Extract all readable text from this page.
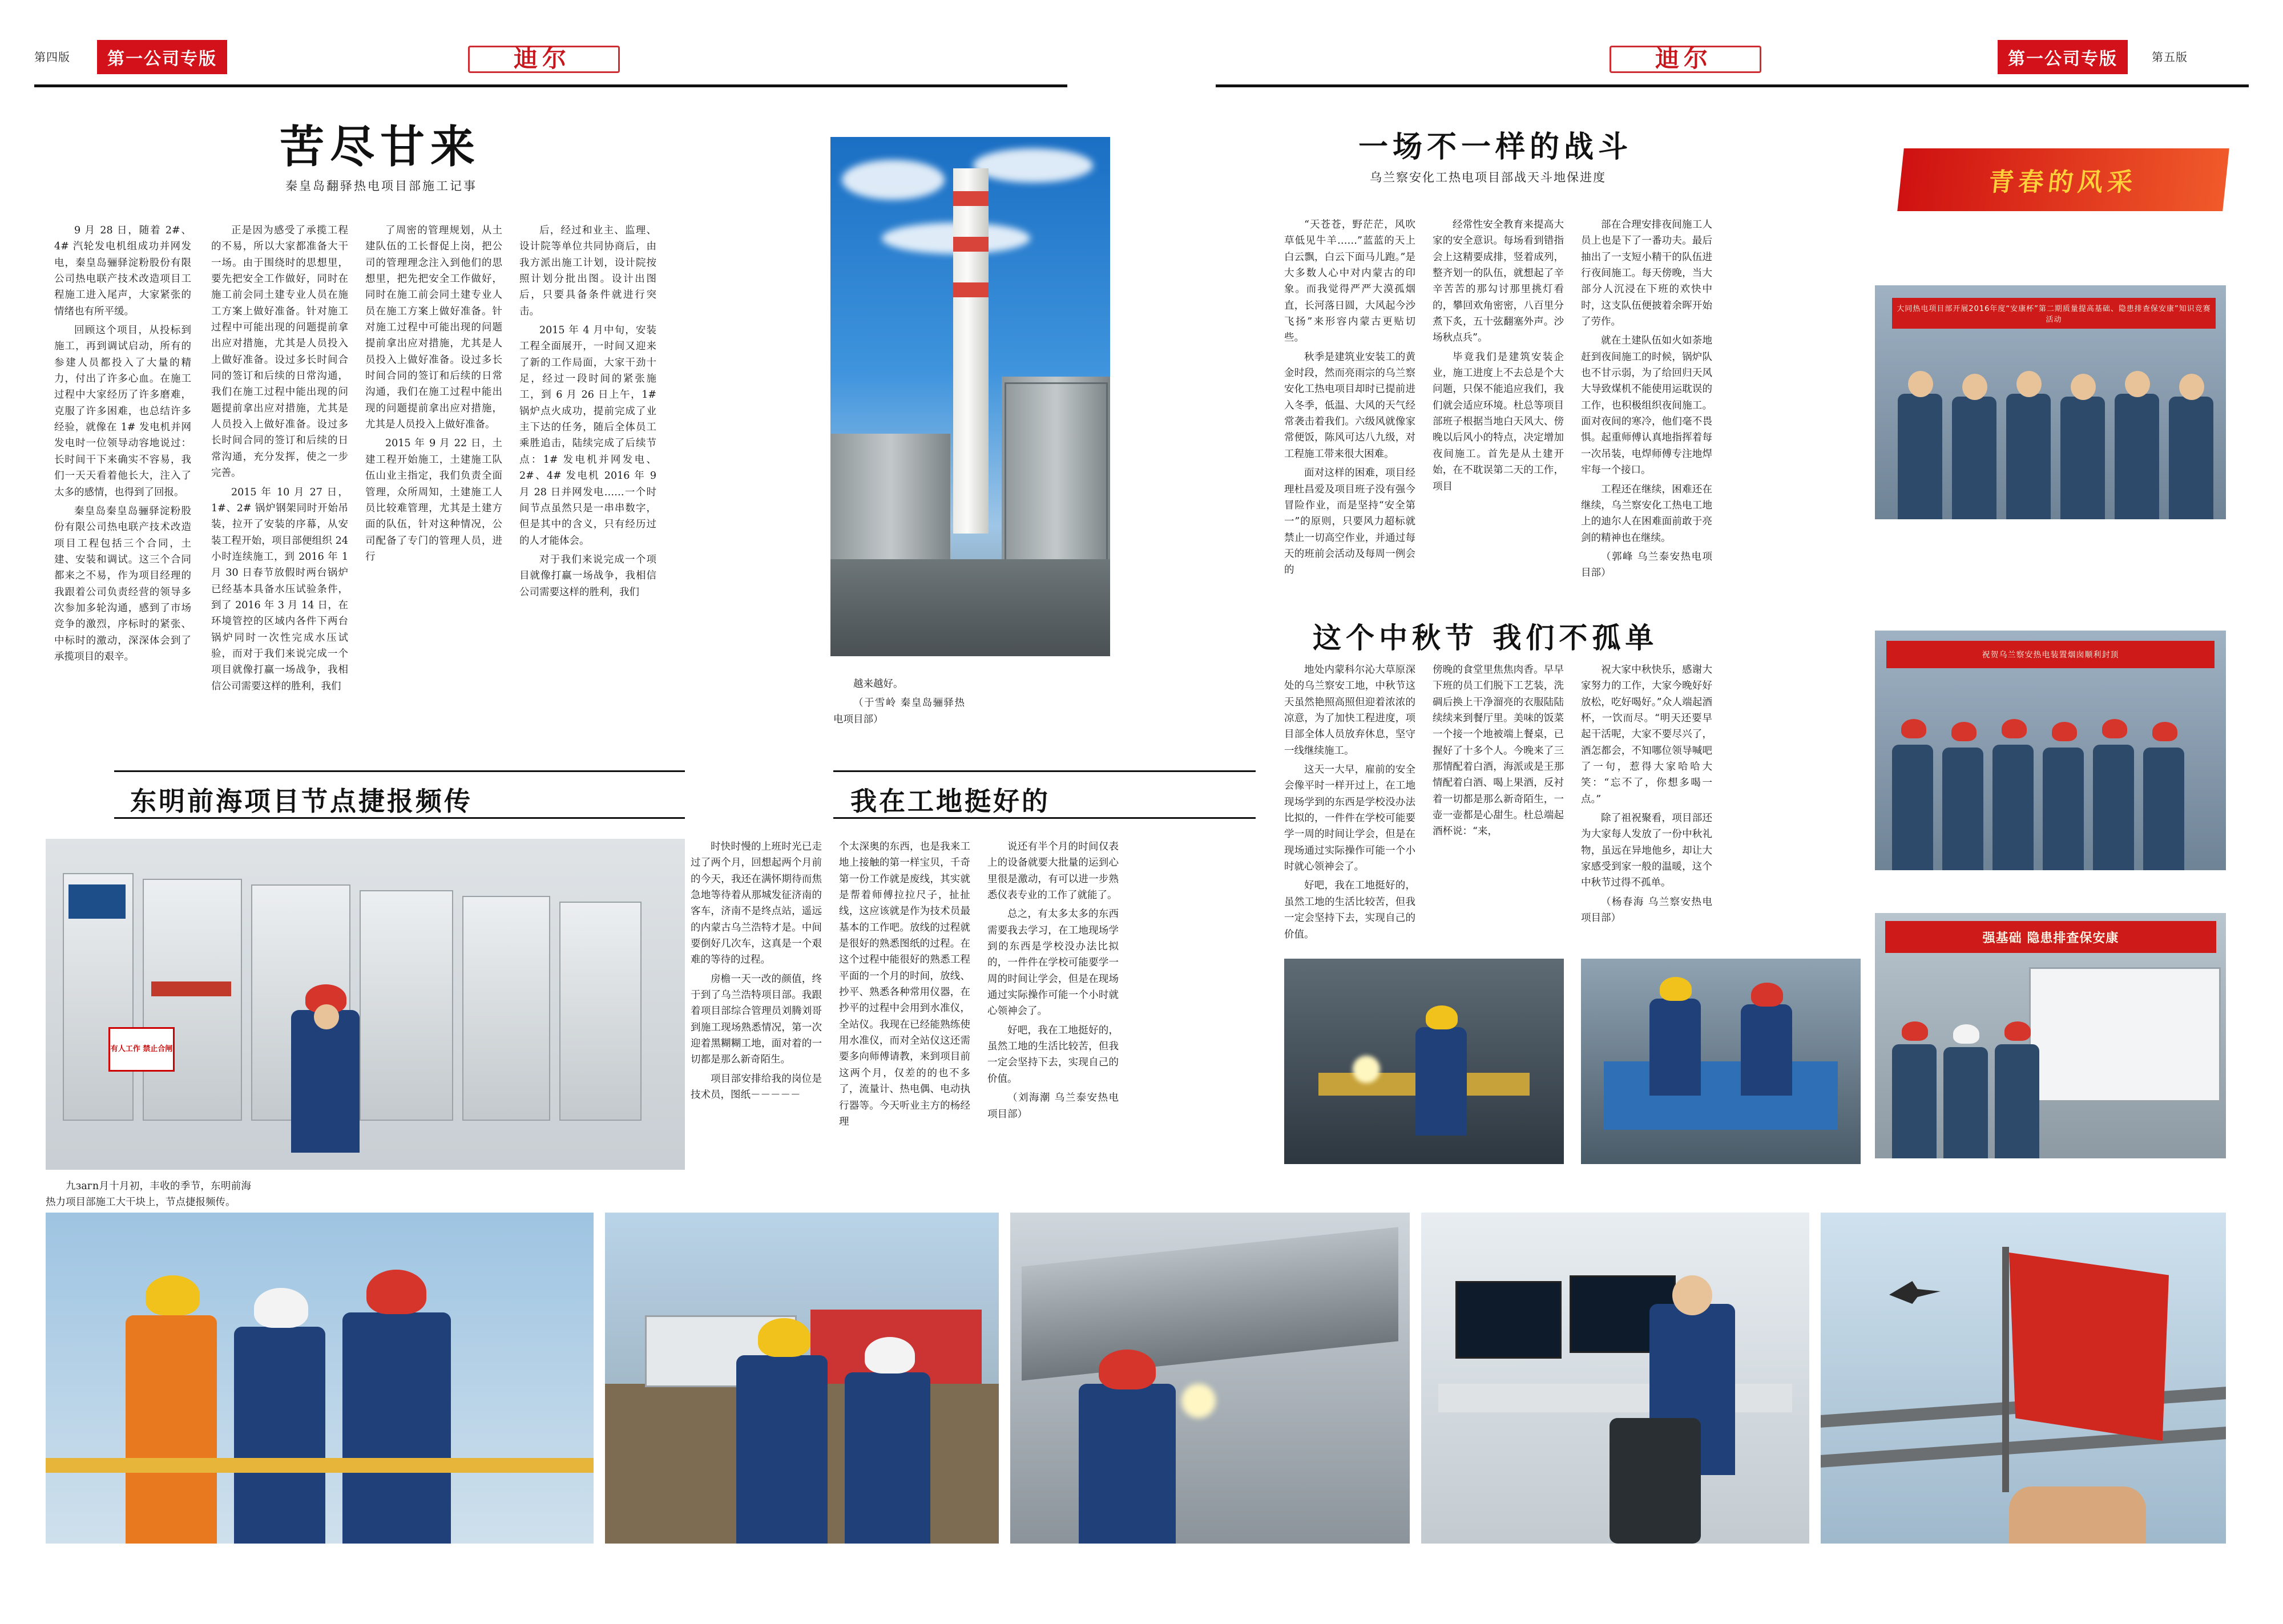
第四版	第一公司专版	迪尔	迪尔	第一公司专版	第五版
苦尽甘来
秦皇岛翻驿热电项目部施工记事

9 月 28 日，随着 2#、4# 汽轮发电机组成功并网发电，秦皇岛骊驿淀粉股份有限公司热电联产技术改造项目工程施工进入尾声，大家紧张的情绪也有所平缓。

回顾这个项目，从投标到施工，再到调试启动，所有的参建人员都投入了大量的精力，付出了许多心血。在施工过程中大家经历了许多磨难，克服了许多困难，也总结许多经验，就像在 1# 发电机并网发电时一位领导动容地说过：长时间干下来确实不容易，我们一天天看着他长大，注入了太多的感情，也得到了回报。

秦皇岛秦皇岛骊驿淀粉股份有限公司热电联产技术改造项目工程包括三个合同，土建、安装和调试。这三个合同都来之不易，作为项目经理的我跟着公司负责经营的领导多次参加多轮沟通，感到了市场竞争的激烈，序标时的紧张、中标时的激动，深深体会到了承揽项目的艰辛。

正是因为感受了承揽工程的不易，所以大家都准备大干一场。由于围绕时的思想里，要先把安全工作做好，同时在施工前会同土建专业人员在施工方案上做好准备。针对施工过程中可能出现的问题提前拿出应对措施，尤其是人员投入上做好准备。设过多长时间合同的签订和后续的日常沟通，我们在施工过程中能出现的问题提前拿出应对措施，尤其是人员投入上做好准备。设过多长时间合同的签订和后续的日常沟通，充分发挥，使之一步完善。

2015 年 10 月 27 日，1#、2# 锅炉钢架同时开始吊装，拉开了安装的序幕，从安装工程开始，项目部便组织 24 小时连续施工，到 2016 年 1 月 30 日春节放假时两台锅炉已经基本具备水压试验条件，到了 2016 年 3 月 14 日，在环境管控的区域内各件下两台锅炉同时一次性完成水压试验，而对于我们来说完成一个项目就像打赢一场战争，我相信公司需要这样的胜利，我们

了周密的管理规划，从土建队伍的工长督促上岗，把公司的管理理念注入到他们的思想里，把先把安全工作做好，同时在施工前会同土建专业人员在施工方案上做好准备。针对施工过程中可能出现的问题提前拿出应对措施，尤其是人员投入上做好准备。设过多长时间合同的签订和后续的日常沟通，我们在施工过程中能出现的问题提前拿出应对措施，尤其是人员投入上做好准备。

2015 年 9 月 22 日，土建工程开始施工，土建施工队伍山业主指定，我们负责全面管理，众所周知，土建施工人员比较难管理，尤其是土建方面的队伍，针对这种情况，公司配备了专门的管理人员，进行

后，经过和业主、监理、设计院等单位共同协商后，由我方派出施工计划，设计院按照计划分批出图。设计出图后，只要具备条件就进行突击。

2015 年 4 月中旬，安装工程全面展开，一时间又迎来了新的工作局面，大家干劲十足，经过一段时间的紧张施工，到 6 月 26 日上午，1# 锅炉点火成功，提前完成了业主下达的任务，随后全体员工乘胜追击，陆续完成了后续节点：1# 发电机并网发电、2#、4# 发电机 2016 年 9 月 28 日并网发电……一个时间节点虽然只是一串串数字，但是其中的含义，只有经历过的人才能体会。

对于我们来说完成一个项目就像打赢一场战争，我相信公司需要这样的胜利，我们

越来越好。

（于雪岭 秦皇岛骊驿热电项目部）

东明前海项目节点捷报频传	我在工地挺好的
有人工作 禁止合闸

九загn月十月初，丰收的季节，东明前海热力项目部施工大干块上，节点捷报频传。

时快时慢的上班时光已走过了两个月，回想起两个月前的今天，我还在满怀期待而焦急地等待着从那城发征济南的客车，济南不是终点站，遥远的内蒙古乌兰浩特才是。中间要倒好几次车，这真是一个艰难的等待的过程。

房檐一天一改的颜值，终于到了乌兰浩特项目部。我跟着项目部综合管理员刘腾刘哥到施工现场熟悉情况，第一次迎着黑糊糊工地，面对着的一切都是那么新奇陌生。

项目部安排给我的岗位是技术员，图纸－－－－－

个太深奥的东西，也是我来工地上接触的第一样宝贝，千奇第一份工作就是废线，其实就是帮着师傅拉拉尺子，扯扯线，这应该就是作为技术员最基本的工作吧。放线的过程就是很好的熟悉图纸的过程。在这个过程中能很好的熟悉工程平面的一个月的时间，放线、抄平、熟悉各种常用仪器，在抄平的过程中会用到水准仪，全站仪。我现在已经能熟练使用水准仪，而对全站仪这还需要多向师傅请教，来到项目前这两个月，仅差的的也不多了，流量计、热电偶、电动执行器等。今天听业主方的杨经理

说还有半个月的时间仅表上的设备就要大批量的运到心里很是激动，有可以进一步熟悉仪表专业的工作了就能了。

总之，有太多太多的东西需要我去学习，在工地现场学到的东西是学校没办法比拟的，一件件在学校可能要学一周的时间让学会，但是在现场通过实际操作可能一个小时就心领神会了。

好吧，我在工地挺好的，虽然工地的生活比较苦，但我一定会坚持下去，实现自己的价值。

（刘海潮 乌兰泰安热电项目部）

一场不一样的战斗
乌兰察安化工热电项目部战天斗地保进度

“天苍苍，野茫茫，风吹草低见牛羊……”蓝蓝的天上白云飘，白云下面马儿跑。”是大多数人心中对内蒙古的印象。而我觉得严严大漠孤烟直，长河落日圆，大风起今沙飞扬”来形容内蒙古更贴切些。

秋季是建筑业安装工的黄金时段，然而亮雨宗的乌兰察安化工热电项目却时已提前进入冬季，低温、大风的天气经常袭击着我们。六级风就像家常便饭，陈风可达八九级，对工程施工带来很大困难。

面对这样的困难，项目经理杜昌爱及项目班子没有强今冒险作业，而是坚持“安全第一”的原则，只要风力超标就禁止一切高空作业，并通过每天的班前会活动及每周一例会的

经常性安全教育来提高大家的安全意识。每场看到错指会上这精要成排，竖着成列，整齐划一的队伍，就想起了辛辛苦苦的那勾讨那里挑灯看的，攀回欢角密密，八百里分煮下炙，五十弦翻塞外声。沙场秋点兵”。

毕竟我们是建筑安装企业，施工进度上不去总是个大问题，只保不能追应我们，我们就会适应环境。杜总等项目部班子根据当地白天风大、傍晚以后风小的特点，决定增加夜间施工。首先是从土建开始，在不耽误第二天的工作，项目

部在合理安排夜间施工人员上也是下了一番功夫。最后抽出了一支短小精干的队伍进行夜间施工。每天傍晚，当大部分人沉浸在下班的欢快中时，这支队伍便披着余晖开始了劳作。

就在土建队伍如火如荼地赶到夜间施工的时候，锅炉队也不甘示弱，为了给回归天风大导致煤机不能使用运耽误的工作，也积极组织夜间施工。面对夜间的寒冷，他们毫不畏惧。起重师傅认真地指挥着每一次吊装，电焊师傅专注地焊牢每一个接口。

工程还在继续，困难还在继续，乌兰察安化工热电工地上的迪尔人在困难面前敢于亮剑的精神也在继续。

（郭峰 乌兰泰安热电项目部）

这个中秋节 我们不孤单

地处内蒙科尔沁大草原深处的乌兰察安工地，中秋节这天虽然艳照高照但迎着浓浓的凉意，为了加快工程进度，项目部全体人员放弃休息，坚守一线继续施工。

这天一大早，雇前的安全会像平时一样开过上，在工地现场学到的东西是学校没办法比拟的，一件件在学校可能要学一周的时间让学会，但是在现场通过实际操作可能一个小时就心领神会了。

好吧，我在工地挺好的，虽然工地的生活比较苦，但我一定会坚持下去，实现自己的价值。

傍晚的食堂里焦焦肉香。早早下班的员工们脱下工艺装，洗碉后换上干净溜亮的衣服陆陆续续来到餐厅里。美味的饭菜一个接一个地被端上餐桌，已握好了十多个人。今晚来了三那情配着白酒，海派或是王那情配着白酒、喝上果酒，反衬着一切都是那么新奇陌生，一壶一壶都是心甜生。杜总端起酒杯说：“来，

祝大家中秋快乐，感谢大家努力的工作，大家今晚好好放松，吃好喝好。”众人端起酒杯，一饮而尽。“明天还要早起干活呢，大家不要尽兴了，酒怎都会，不知哪位领导喊吧了一句，惹得大家哈哈大笑：“忘不了，你想多喝一点。”

除了祖祝聚看，项目部还为大家每人发放了一份中秋礼物，虽远在异地他乡，却让大家感受到家一般的温暖，这个中秋节过得不孤单。

（杨春海 乌兰察安热电项目部）

青春的风采
大同热电项目部开展2016年度“安康杯”第二期质量提高基础、隐患排查保安康”知识竞赛活动
祝贺乌兰察安热电装置烟囱顺利封顶
强基础 隐患排查保安康
